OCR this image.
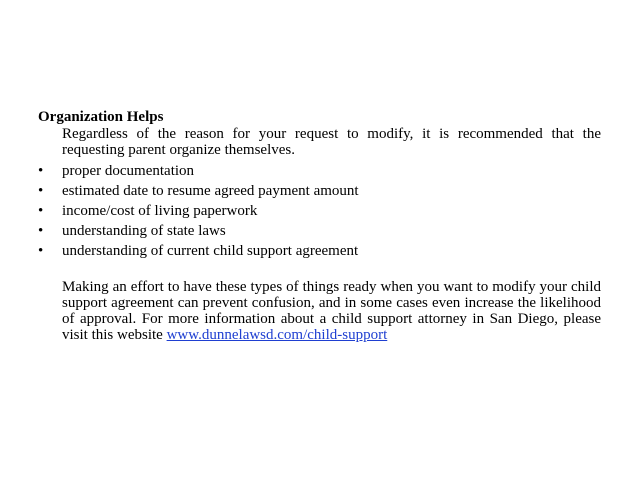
Organization Helps
Regardless of the reason for your request to modify, it is recommended that the requesting parent organize themselves.
•	proper documentation
•	estimated date to resume agreed payment amount
•	income/cost of living paperwork
•	understanding of state laws
•	understanding of current child support agreement
Making an effort to have these types of things ready when you want to modify your child support agreement can prevent confusion, and in some cases even increase the likelihood of approval. For more information about a child support attorney in San Diego, please visit this website www.dunnelawsd.com/child-support
